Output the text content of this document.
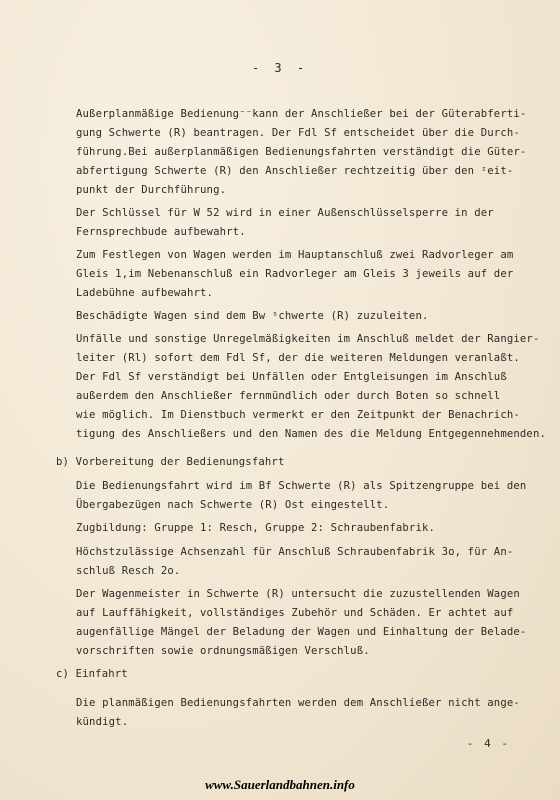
- 3 -
Außerplanmäßige Bedienung⁻⁻kann der Anschließer bei der Güterabferti-
gung Schwerte (R) beantragen. Der Fdl Sf entscheidet über die Durch-
führung.Bei außerplanmäßigen Bedienungsfahrten verständigt die Güter-
abfertigung Schwerte (R) den Anschließer rechtzeitig über den ᶻeit-
punkt der Durchführung.
Der Schlüssel für W 52 wird in einer Außenschlüsselsperre in der
Fernsprechbude aufbewahrt.
Zum Festlegen von Wagen werden im Hauptanschluß zwei Radvorleger am
Gleis 1,im Nebenanschluß ein Radvorleger am Gleis 3 jeweils auf der
Ladebühne aufbewahrt.
Beschädigte Wagen sind dem Bw ˢchwerte (R) zuzuleiten.
Unfälle und sonstige Unregelmäßigkeiten im Anschluß meldet der Rangier-
leiter (Rl) sofort dem Fdl Sf, der die weiteren Meldungen veranlaßt.
Der Fdl Sf verständigt bei Unfällen oder Entgleisungen im Anschluß
außerdem den Anschließer fernmündlich oder durch Boten so schnell
wie möglich. Im Dienstbuch vermerkt er den Zeitpunkt der Benachrich-
tigung des Anschließers und den Namen des die Meldung Entgegennehmenden.
b) Vorbereitung der Bedienungsfahrt
Die Bedienungsfahrt wird im Bf Schwerte (R) als Spitzengruppe bei den
Übergabezügen nach Schwerte (R) Ost eingestellt.
Zugbildung: Gruppe 1: Resch, Gruppe 2: Schraubenfabrik.
Höchstzulässige Achsenzahl für Anschluß Schraubenfabrik 3o, für An-
schluß Resch 2o.
Der Wagenmeister in Schwerte (R) untersucht die zuzustellenden Wagen
auf Lauffähigkeit, vollständiges Zubehör und Schäden. Er achtet auf
augenfällige Mängel der Beladung der Wagen und Einhaltung der Belade-
vorschriften sowie ordnungsmäßigen Verschluß.
c) Einfahrt
Die planmäßigen Bedienungsfahrten werden dem Anschließer nicht ange-
kündigt.
- 4 -
www.Sauerlandbahnen.info
